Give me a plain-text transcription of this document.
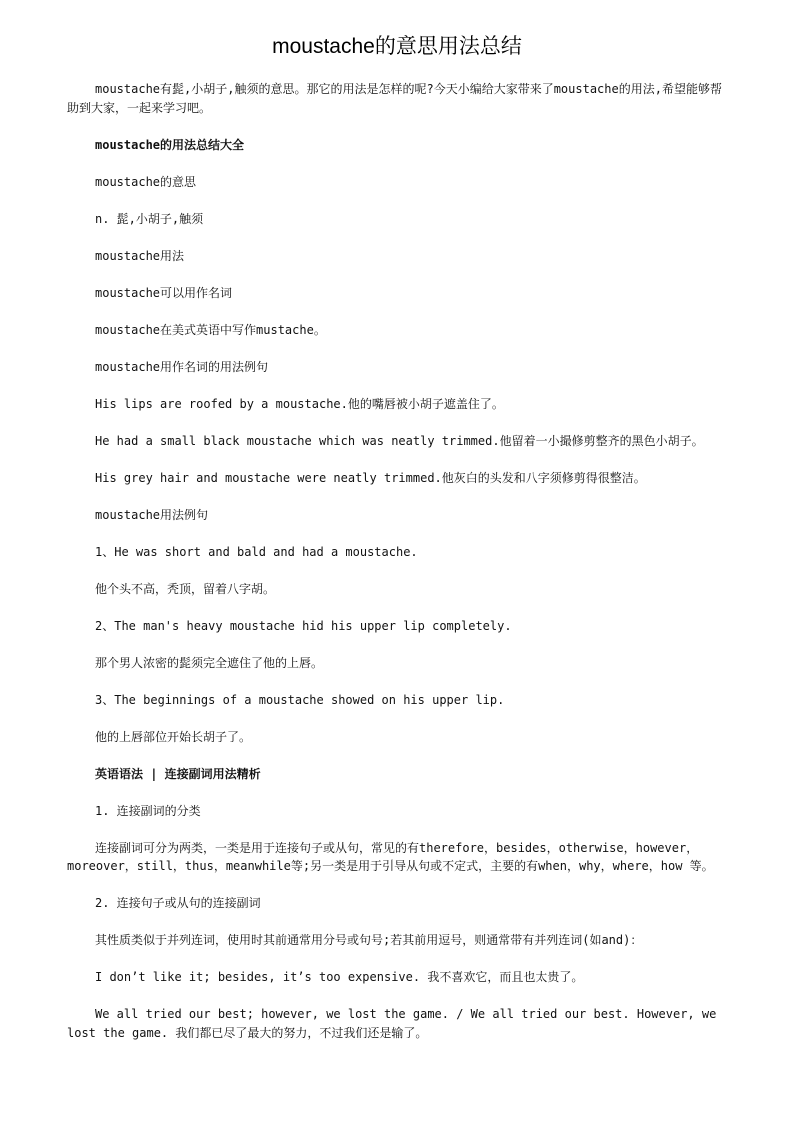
moustache的意思用法总结

moustache有髭,小胡子,触须的意思。那它的用法是怎样的呢?今天小编给大家带来了moustache的用法,希望能够帮助到大家，一起来学习吧。

moustache的用法总结大全

moustache的意思

n. 髭,小胡子,触须

moustache用法

moustache可以用作名词

moustache在美式英语中写作mustache。

moustache用作名词的用法例句

His lips are roofed by a moustache.他的嘴唇被小胡子遮盖住了。

He had a small black moustache which was neatly trimmed.他留着一小撮修剪整齐的黑色小胡子。

His grey hair and moustache were neatly trimmed.他灰白的头发和八字须修剪得很整洁。

moustache用法例句

1、He was short and bald and had a moustache.

他个头不高，秃顶，留着八字胡。

2、The man's heavy moustache hid his upper lip completely.

那个男人浓密的髭须完全遮住了他的上唇。

3、The beginnings of a moustache showed on his upper lip.

他的上唇部位开始长胡子了。

英语语法 | 连接副词用法精析

1. 连接副词的分类

连接副词可分为两类，一类是用于连接句子或从句，常见的有therefore，besides，otherwise，however，moreover，still，thus，meanwhile等;另一类是用于引导从句或不定式，主要的有when，why，where，how 等。

2. 连接句子或从句的连接副词

其性质类似于并列连词，使用时其前通常用分号或句号;若其前用逗号，则通常带有并列连词(如and)：

I don’t like it; besides, it’s too expensive. 我不喜欢它，而且也太贵了。

We all tried our best; however, we lost the game. / We all tried our best. However, we lost the game. 我们都已尽了最大的努力，不过我们还是输了。
